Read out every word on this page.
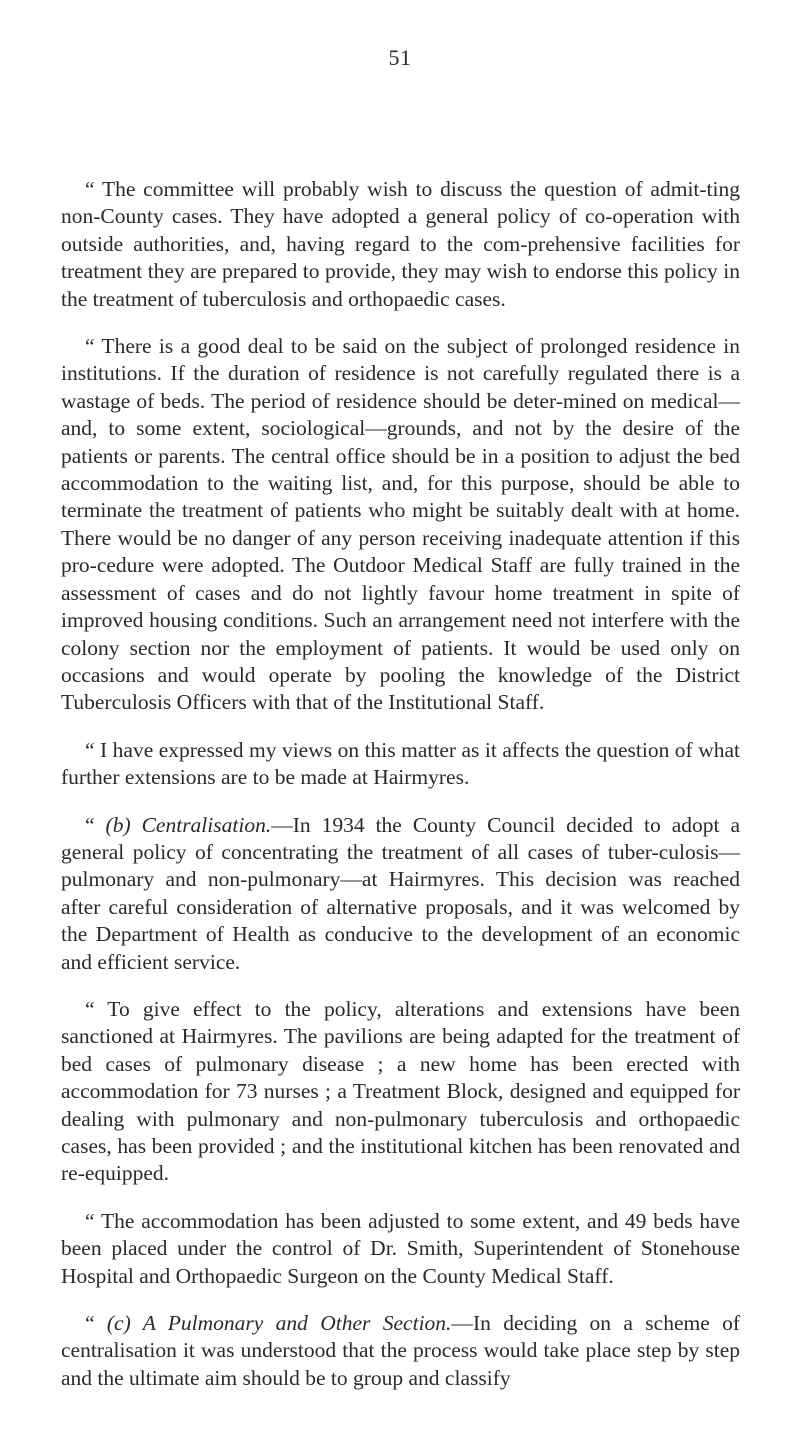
51

“ The committee will probably wish to discuss the question of admit-ting non-County cases. They have adopted a general policy of co-operation with outside authorities, and, having regard to the com-prehensive facilities for treatment they are prepared to provide, they may wish to endorse this policy in the treatment of tuberculosis and orthopaedic cases.

“ There is a good deal to be said on the subject of prolonged residence in institutions. If the duration of residence is not carefully regulated there is a wastage of beds. The period of residence should be deter-mined on medical—and, to some extent, sociological—grounds, and not by the desire of the patients or parents. The central office should be in a position to adjust the bed accommodation to the waiting list, and, for this purpose, should be able to terminate the treatment of patients who might be suitably dealt with at home. There would be no danger of any person receiving inadequate attention if this pro-cedure were adopted. The Outdoor Medical Staff are fully trained in the assessment of cases and do not lightly favour home treatment in spite of improved housing conditions. Such an arrangement need not interfere with the colony section nor the employment of patients. It would be used only on occasions and would operate by pooling the knowledge of the District Tuberculosis Officers with that of the Institutional Staff.

“ I have expressed my views on this matter as it affects the question of what further extensions are to be made at Hairmyres.

“ (b) Centralisation.—In 1934 the County Council decided to adopt a general policy of concentrating the treatment of all cases of tuber-culosis—pulmonary and non-pulmonary—at Hairmyres. This decision was reached after careful consideration of alternative proposals, and it was welcomed by the Department of Health as conducive to the development of an economic and efficient service.

“ To give effect to the policy, alterations and extensions have been sanctioned at Hairmyres. The pavilions are being adapted for the treatment of bed cases of pulmonary disease ; a new home has been erected with accommodation for 73 nurses ; a Treatment Block, designed and equipped for dealing with pulmonary and non-pulmonary tuberculosis and orthopaedic cases, has been provided ; and the institutional kitchen has been renovated and re-equipped.

“ The accommodation has been adjusted to some extent, and 49 beds have been placed under the control of Dr. Smith, Superintendent of Stonehouse Hospital and Orthopaedic Surgeon on the County Medical Staff.

“ (c) A Pulmonary and Other Section.—In deciding on a scheme of centralisation it was understood that the process would take place step by step and the ultimate aim should be to group and classify
